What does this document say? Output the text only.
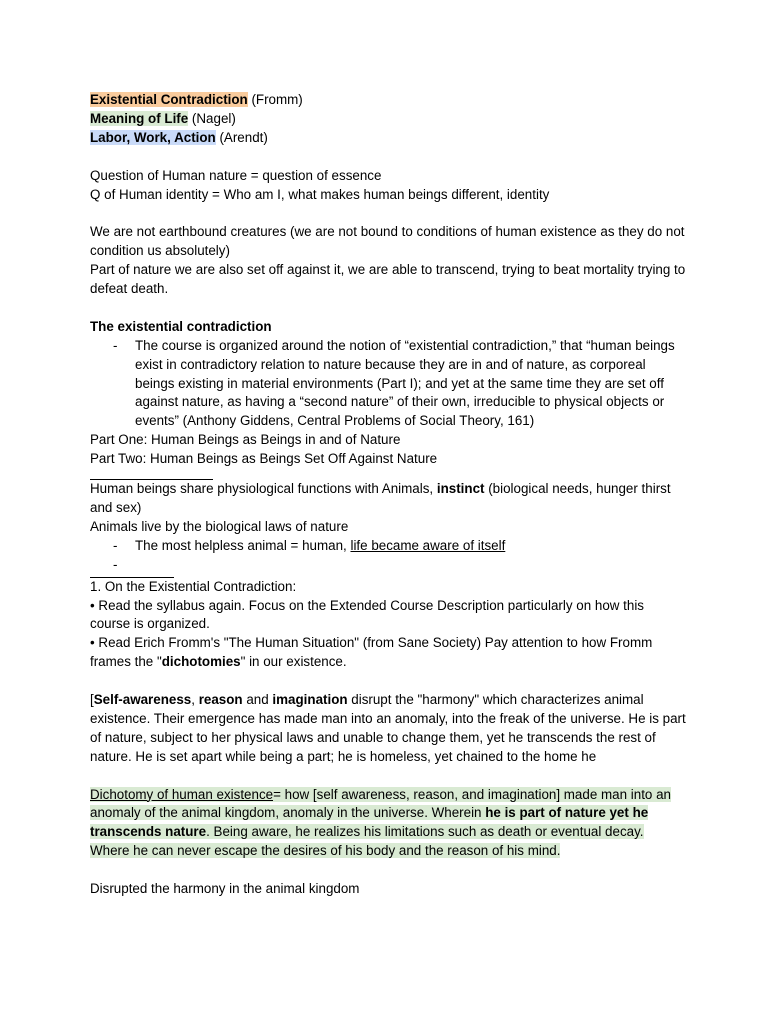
Existential Contradiction (Fromm)

Meaning of Life (Nagel)

Labor, Work, Action (Arendt)

Question of Human nature = question of essence

Q of Human identity = Who am I, what makes human beings different, identity

We are not earthbound creatures (we are not bound to conditions of human existence as they do not condition us absolutely)

Part of nature we are also set off against it, we are able to transcend, trying to beat mortality trying to defeat death.

The existential contradiction

-	The course is organized around the notion of “existential contradiction,” that “human beings exist in contradictory relation to nature because they are in and of nature, as corporeal beings existing in material environments (Part I); and yet at the same time they are set off against nature, as having a “second nature” of their own, irreducible to physical objects or events” (Anthony Giddens, Central Problems of Social Theory, 161)

Part One: Human Beings as Beings in and of Nature

Part Two: Human Beings as Beings Set Off Against Nature

Human beings share physiological functions with Animals, instinct (biological needs, hunger thirst and sex)

Animals live by the biological laws of nature

-	The most helpless animal = human, life became aware of itself
-

1. On the Existential Contradiction:

• Read the syllabus again. Focus on the Extended Course Description particularly on how this course is organized.

• Read Erich Fromm's "The Human Situation" (from Sane Society) Pay attention to how Fromm frames the "dichotomies" in our existence.

[Self-awareness, reason and imagination disrupt the "harmony" which characterizes animal existence. Their emergence has made man into an anomaly, into the freak of the universe. He is part of nature, subject to her physical laws and unable to change them, yet he transcends the rest of nature. He is set apart while being a part; he is homeless, yet chained to the home he

Dichotomy of human existence= how [self awareness, reason, and imagination] made man into an anomaly of the animal kingdom, anomaly in the universe. Wherein he is part of nature yet he transcends nature. Being aware, he realizes his limitations such as death or eventual decay. Where he can never escape the desires of his body and the reason of his mind.

Disrupted the harmony in the animal kingdom
